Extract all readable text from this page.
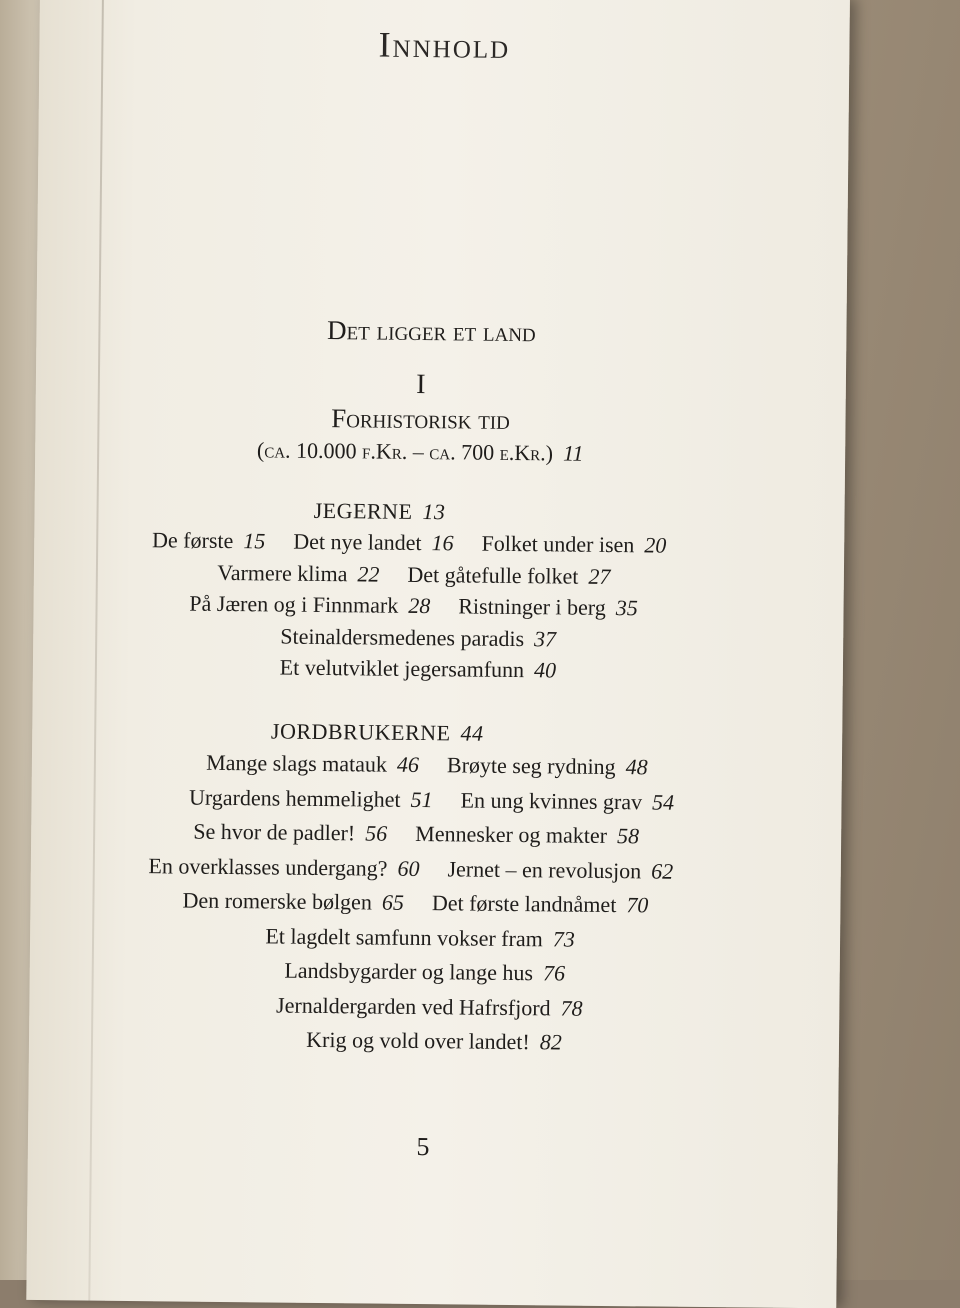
Innhold
Det ligger et land
I
Forhistorisk tid
(ca. 10.000 f.Kr. – ca. 700 e.Kr.) 11
JEGERNE 13
De første 15 Det nye landet 16 Folket under isen 20
Varmere klima 22 Det gåtefulle folket 27
På Jæren og i Finnmark 28 Ristninger i berg 35
Steinaldersmedenes paradis 37
Et velutviklet jegersamfunn 40
JORDBRUKERNE 44
Mange slags matauk 46 Brøyte seg rydning 48
Urgardens hemmelighet 51 En ung kvinnes grav 54
Se hvor de padler! 56 Mennesker og makter 58
En overklasses undergang? 60 Jernet – en revolusjon 62
Den romerske bølgen 65 Det første landnåmet 70
Et lagdelt samfunn vokser fram 73
Landsbygarder og lange hus 76
Jernaldergarden ved Hafrsfjord 78
Krig og vold over landet! 82
5
